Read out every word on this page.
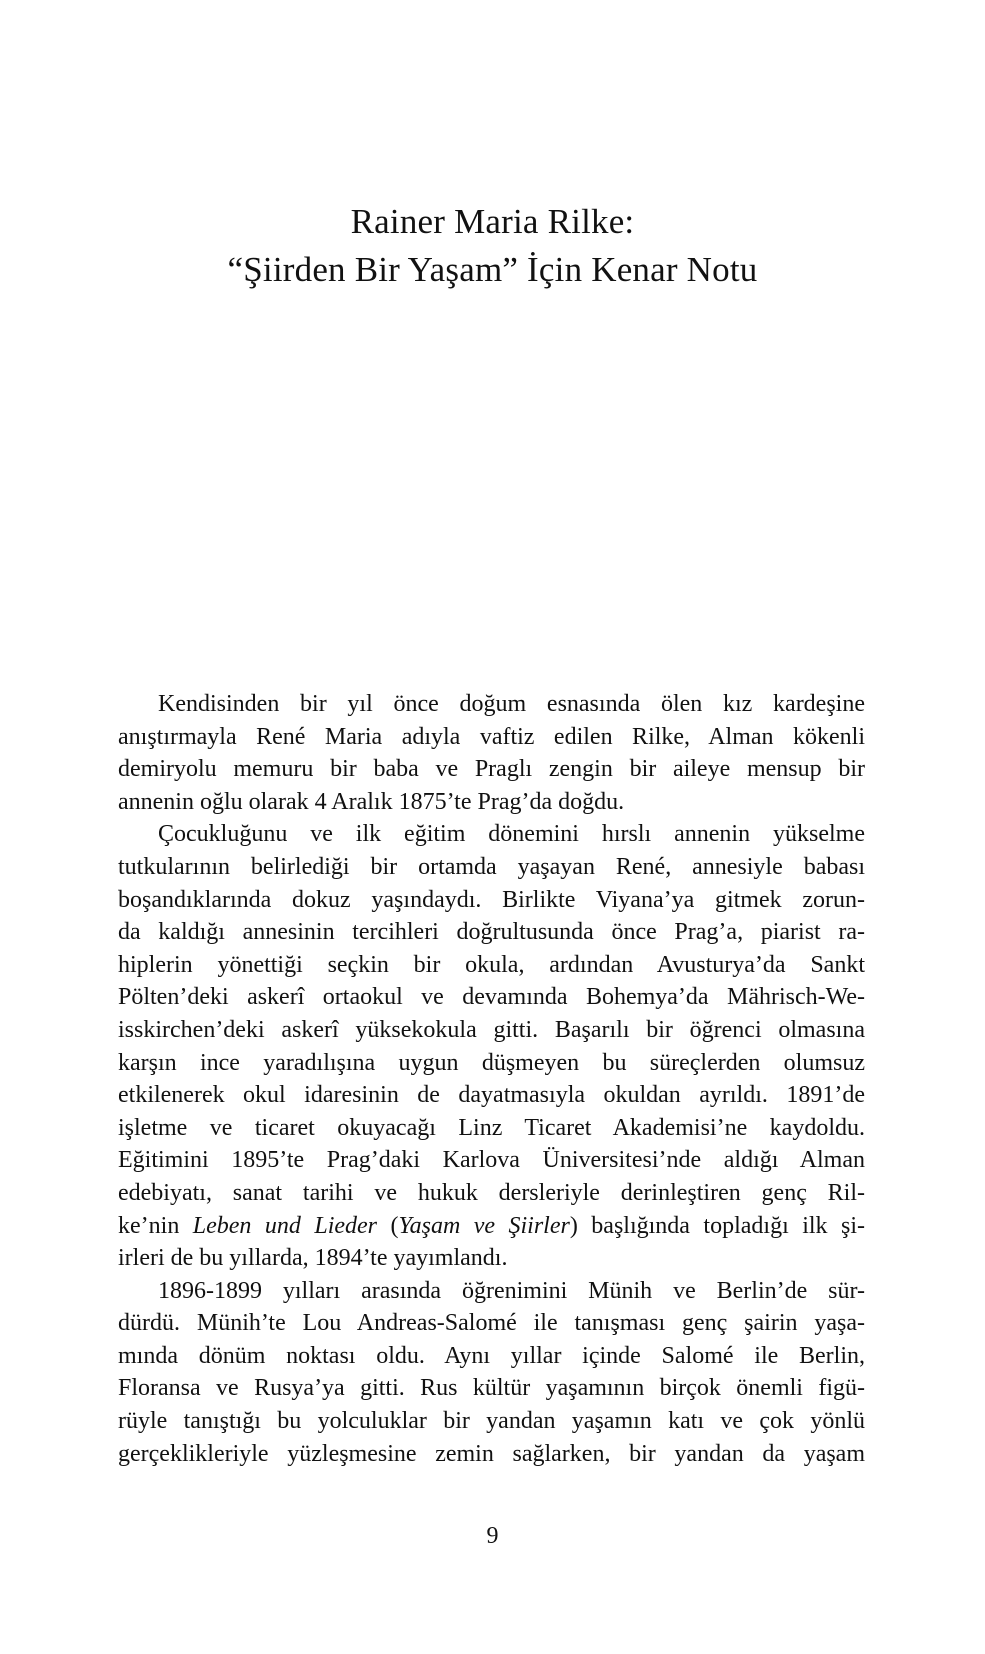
Rainer Maria Rilke:
“Şiirden Bir Yaşam” İçin Kenar Notu
Kendisinden bir yıl önce doğum esnasında ölen kız kardeşine
anıştırmayla René Maria adıyla vaftiz edilen Rilke, Alman kökenli
demiryolu memuru bir baba ve Praglı zengin bir aileye mensup bir
annenin oğlu olarak 4 Aralık 1875’te Prag’da doğdu.
Çocukluğunu ve ilk eğitim dönemini hırslı annenin yükselme
tutkularının belirlediği bir ortamda yaşayan René, annesiyle babası
boşandıklarında dokuz yaşındaydı. Birlikte Viyana’ya gitmek zorun-
da kaldığı annesinin tercihleri doğrultusunda önce Prag’a, piarist ra-
hiplerin yönettiği seçkin bir okula, ardından Avusturya’da Sankt
Pölten’deki askerî ortaokul ve devamında Bohemya’da Mährisch-We-
isskirchen’deki askerî yüksekokula gitti. Başarılı bir öğrenci olmasına
karşın ince yaradılışına uygun düşmeyen bu süreçlerden olumsuz
etkilenerek okul idaresinin de dayatmasıyla okuldan ayrıldı. 1891’de
işletme ve ticaret okuyacağı Linz Ticaret Akademisi’ne kaydoldu.
Eğitimini 1895’te Prag’daki Karlova Üniversitesi’nde aldığı Alman
edebiyatı, sanat tarihi ve hukuk dersleriyle derinleştiren genç Ril-
ke’nin Leben und Lieder (Yaşam ve Şiirler) başlığında topladığı ilk şi-
irleri de bu yıllarda, 1894’te yayımlandı.
1896-1899 yılları arasında öğrenimini Münih ve Berlin’de sür-
dürdü. Münih’te Lou Andreas-Salomé ile tanışması genç şairin yaşa-
mında dönüm noktası oldu. Aynı yıllar içinde Salomé ile Berlin,
Floransa ve Rusya’ya gitti. Rus kültür yaşamının birçok önemli figü-
rüyle tanıştığı bu yolculuklar bir yandan yaşamın katı ve çok yönlü
gerçeklikleriyle yüzleşmesine zemin sağlarken, bir yandan da yaşam
9
